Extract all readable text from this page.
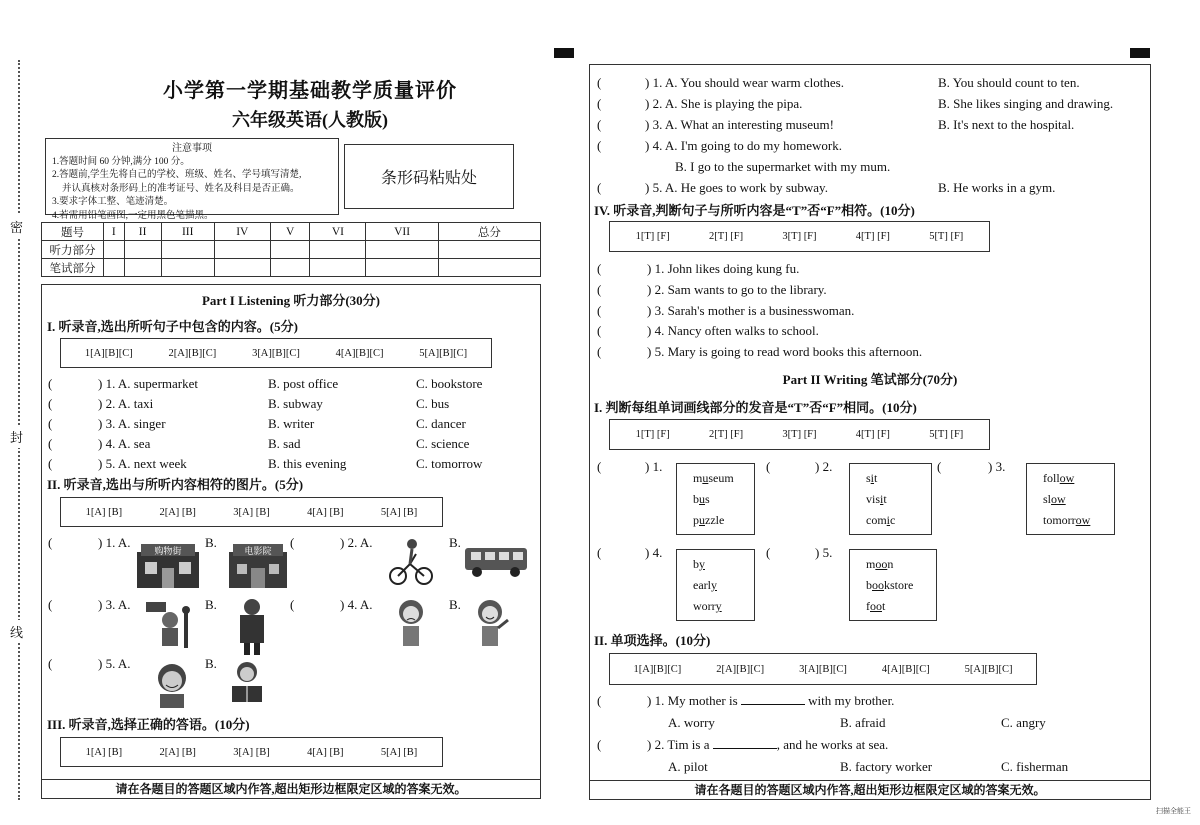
密
封
线
小学第一学期基础教学质量评价
六年级英语(人教版)
注意事项
1.答题时间 60 分钟,满分 100 分。
2.答题前,学生先将自己的学校、班级、姓名、学号填写清楚,
并认真核对条形码上的准考证号、姓名及科目是否正确。
3.要求字体工整、笔迹清楚。
4.若需用铅笔画图,一定用黑色笔描黑。
条形码粘贴处
题号	I	II	III	IV	V	VI	VII	总分
听力部分								
笔试部分								
Part I Listening 听力部分(30分)
I. 听录音,选出所听句子中包含的内容。(5分)
1[A][B][C]	2[A][B][C]	3[A][B][C]	4[A][B][C]	5[A][B][C]
(	) 1. A. supermarket	B. post office	C. bookstore
(	) 2. A. taxi	B. subway	C. bus
(	) 3. A. singer	B. writer	C. dancer
(	) 4. A. sea	B. sad	C. science
(	) 5. A. next week	B. this evening	C. tomorrow
II. 听录音,选出与所听内容相符的图片。(5分)
1[A] [B]	2[A] [B]	3[A] [B]	4[A] [B]	5[A] [B]
(	) 1. A.	B.	(	) 2. A.	B.
购物街	电影院
(	) 3. A.	B.	(	) 4. A.	B.
(	) 5. A.	B.
III. 听录音,选择正确的答语。(10分)
1[A] [B]	2[A] [B]	3[A] [B]	4[A] [B]	5[A] [B]
请在各题目的答题区域内作答,超出矩形边框限定区域的答案无效。
(	) 1. A. You should wear warm clothes.	B. You should count to ten.
(	) 2. A. She is playing the pipa.	B. She likes singing and drawing.
(	) 3. A. What an interesting museum!	B. It's next to the hospital.
(	) 4. A. I'm going to do my homework.
B. I go to the supermarket with my mum.
(	) 5. A. He goes to work by subway.	B. He works in a gym.
IV. 听录音,判断句子与所听内容是“T”否“F”相符。(10分)
1[T] [F]	2[T] [F]	3[T] [F]	4[T] [F]	5[T] [F]
(	) 1. John likes doing kung fu.
(	) 2. Sam wants to go to the library.
(	) 3. Sarah's mother is a businesswoman.
(	) 4. Nancy often walks to school.
(	) 5. Mary is going to read word books this afternoon.
Part II Writing 笔试部分(70分)
I. 判断每组单词画线部分的发音是“T”否“F”相同。(10分)
1[T] [F]	2[T] [F]	3[T] [F]	4[T] [F]	5[T] [F]
(	) 1.
museum
bus
puzzle
(	) 2.
sit
visit
comic
(	) 3.
follow
slow
tomorrow
(	) 4.
by
early
worry
(	) 5.
moon
bookstore
foot
II. 单项选择。(10分)
1[A][B][C]	2[A][B][C]	3[A][B][C]	4[A][B][C]	5[A][B][C]
(	) 1. My mother is	with my brother.
A. worry	B. afraid	C. angry
(	) 2. Tim is a	, and he works at sea.
A. pilot	B. factory worker	C. fisherman
请在各题目的答题区域内作答,超出矩形边框限定区域的答案无效。
扫描全能王
